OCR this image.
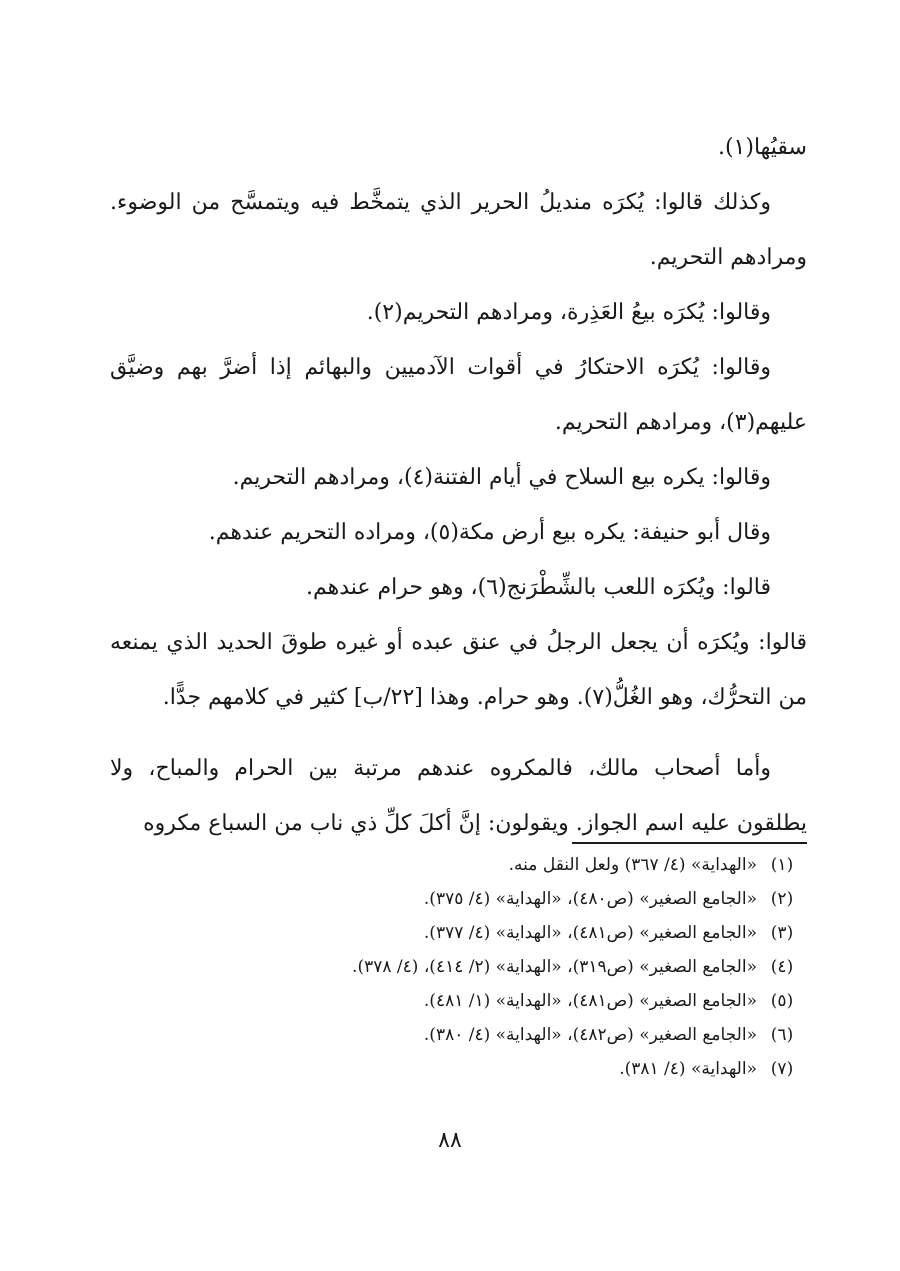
سقيُها(١).

وكذلك قالوا: يُكرَه منديلُ الحرير الذي يتمخَّط فيه ويتمسَّح من الوضوء. ومرادهم التحريم.

وقالوا: يُكرَه بيعُ العَذِرة، ومرادهم التحريم(٢).

وقالوا: يُكرَه الاحتكارُ في أقوات الآدميين والبهائم إذا أضرَّ بهم وضيَّق عليهم(٣)، ومرادهم التحريم.

وقالوا: يكره بيع السلاح في أيام الفتنة(٤)، ومرادهم التحريم.

وقال أبو حنيفة: يكره بيع أرض مكة(٥)، ومراده التحريم عندهم.

قالوا: ويُكرَه اللعب بالشِّطْرَنج(٦)، وهو حرام عندهم.

قالوا: ويُكرَه أن يجعل الرجلُ في عنق عبده أو غيره طوقَ الحديد الذي يمنعه من التحرُّك، وهو الغُلُّ(٧). وهو حرام. وهذا [٢٢/ب] كثير في كلامهم جدًّا.

وأما أصحاب مالك، فالمكروه عندهم مرتبة بين الحرام والمباح، ولا يطلقون عليه اسم الجواز. ويقولون: إنَّ أكلَ كلِّ ذي ناب من السباع مكروه

(١)
«الهداية» (٤/ ٣٦٧) ولعل النقل منه.
(٢)
«الجامع الصغير» (ص٤٨٠)، «الهداية» (٤/ ٣٧٥).
(٣)
«الجامع الصغير» (ص٤٨١)، «الهداية» (٤/ ٣٧٧).
(٤)
«الجامع الصغير» (ص٣١٩)، «الهداية» (٢/ ٤١٤)، (٤/ ٣٧٨).
(٥)
«الجامع الصغير» (ص٤٨١)، «الهداية» (١/ ٤٨١).
(٦)
«الجامع الصغير» (ص٤٨٢)، «الهداية» (٤/ ٣٨٠).
(٧)
«الهداية» (٤/ ٣٨١).
٨٨
